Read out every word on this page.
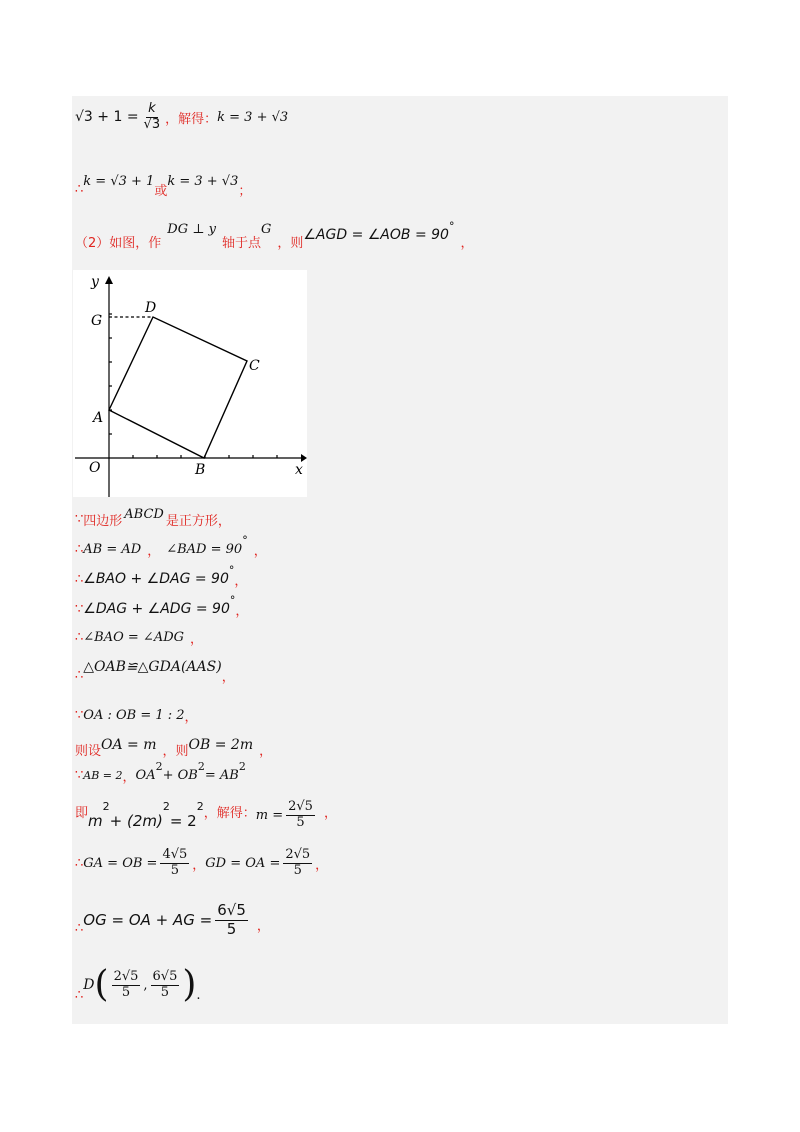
$√3 + 1 = \frac{k}{√3}$ ，解得： k = 3 + √3
∴
k = √3 + 1
或
k = 3 + √3
；
（2）如图，作
DG ⊥ y
轴于点
G
，则 ∠AGD = ∠AOB = 90
°
，
y
x
O
A
B
C
D
G
∵ 四边形 ABCD 是正方形，
∴ AB = AD ， ∠BAD = 90
°
，
∴ ∠BAO + ∠DAG = 90
°
，
∵ ∠DAG + ∠ADG = 90
°
，
∴ ∠BAO = ∠ADG ，
∴ △OAB≌△GDA(AAS)
，
∵ OA : OB = 1 : 2 ，
则设 OA = m ，则 OB = 2m ，
∵ AB = 2 ， OA
2
+ OB
2
= AB
2
即 m
2
+ (2m)
2
= 2
2 ，解得： $m = \frac{2√5}{5}$ ，
∴ GA = OB = $\frac{4√5}{5}$ ， GD = OA = $\frac{2√5}{5}$ ，
∴ OG = OA + AG = $\frac{6√5}{5}$ ，
∴
D ( $\frac{2√5}{5}$ , $\frac{6√5}{5}$ ) .
